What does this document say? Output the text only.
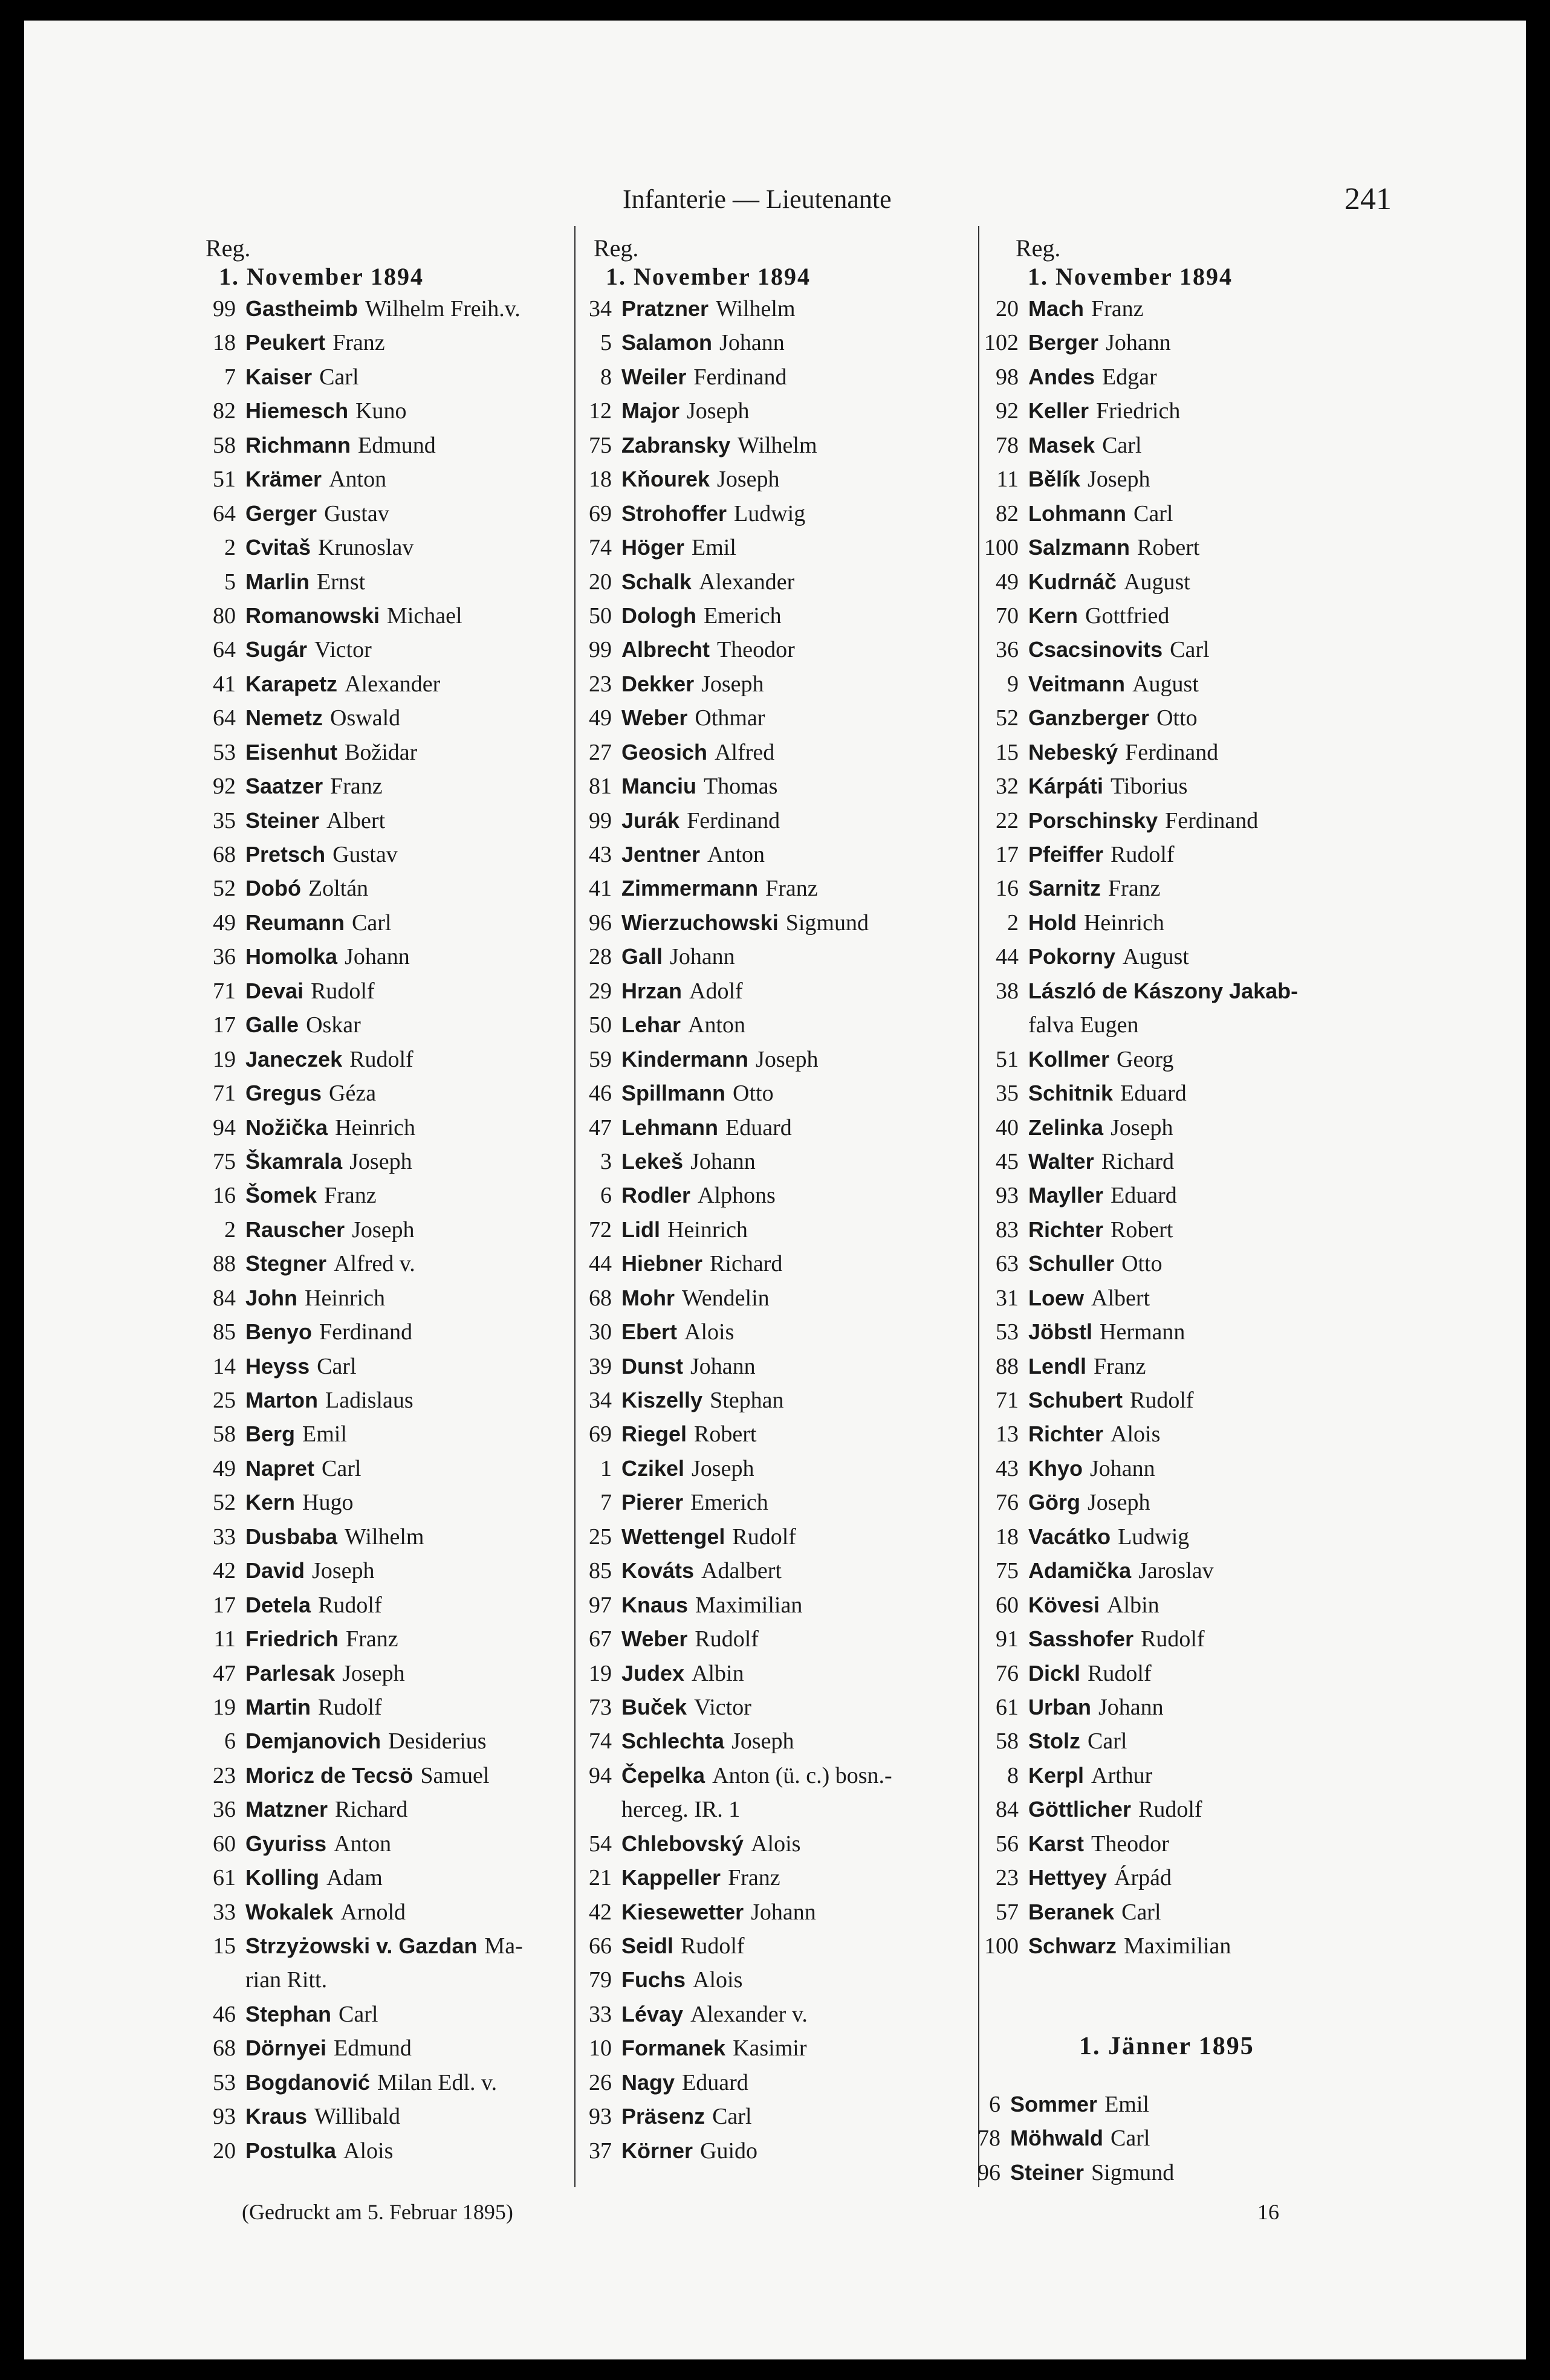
Infanterie — Lieutenante	241
Reg.
1. November 1894
99 Gastheimb Wilhelm Freih.v.
18 Peukert Franz
7 Kaiser Carl
82 Hiemesch Kuno
58 Richmann Edmund
51 Krämer Anton
64 Gerger Gustav
2 Cvitaš Krunoslav
5 Marlin Ernst
80 Romanowski Michael
64 Sugár Victor
41 Karapetz Alexander
64 Nemetz Oswald
53 Eisenhut Božidar
92 Saatzer Franz
35 Steiner Albert
68 Pretsch Gustav
52 Dobó Zoltán
49 Reumann Carl
36 Homolka Johann
71 Devai Rudolf
17 Galle Oskar
19 Janeczek Rudolf
71 Gregus Géza
94 Nožička Heinrich
75 Škamrala Joseph
16 Šomek Franz
2 Rauscher Joseph
88 Stegner Alfred v.
84 John Heinrich
85 Benyo Ferdinand
14 Heyss Carl
25 Marton Ladislaus
58 Berg Emil
49 Napret Carl
52 Kern Hugo
33 Dusbaba Wilhelm
42 David Joseph
17 Detela Rudolf
11 Friedrich Franz
47 Parlesak Joseph
19 Martin Rudolf
6 Demjanovich Desiderius
23 Moricz de Tecsö Samuel
36 Matzner Richard
60 Gyuriss Anton
61 Kolling Adam
33 Wokalek Arnold
15 Strzyżowski v. Gazdan Ma-
rian Ritt.
46 Stephan Carl
68 Dörnyei Edmund
53 Bogdanović Milan Edl. v.
93 Kraus Willibald
20 Postulka Alois
Reg.
1. November 1894
34 Pratzner Wilhelm
5 Salamon Johann
8 Weiler Ferdinand
12 Major Joseph
75 Zabransky Wilhelm
18 Kňourek Joseph
69 Strohoffer Ludwig
74 Höger Emil
20 Schalk Alexander
50 Dologh Emerich
99 Albrecht Theodor
23 Dekker Joseph
49 Weber Othmar
27 Geosich Alfred
81 Manciu Thomas
99 Jurák Ferdinand
43 Jentner Anton
41 Zimmermann Franz
96 Wierzuchowski Sigmund
28 Gall Johann
29 Hrzan Adolf
50 Lehar Anton
59 Kindermann Joseph
46 Spillmann Otto
47 Lehmann Eduard
3 Lekeš Johann
6 Rodler Alphons
72 Lidl Heinrich
44 Hiebner Richard
68 Mohr Wendelin
30 Ebert Alois
39 Dunst Johann
34 Kiszelly Stephan
69 Riegel Robert
1 Czikel Joseph
7 Pierer Emerich
25 Wettengel Rudolf
85 Kováts Adalbert
97 Knaus Maximilian
67 Weber Rudolf
19 Judex Albin
73 Buček Victor
74 Schlechta Joseph
94 Čepelka Anton (ü. c.) bosn.-
herceg. IR. 1
54 Chlebovský Alois
21 Kappeller Franz
42 Kiesewetter Johann
66 Seidl Rudolf
79 Fuchs Alois
33 Lévay Alexander v.
10 Formanek Kasimir
26 Nagy Eduard
93 Präsenz Carl
37 Körner Guido
Reg.
1. November 1894
20 Mach Franz
102 Berger Johann
98 Andes Edgar
92 Keller Friedrich
78 Masek Carl
11 Bělík Joseph
82 Lohmann Carl
100 Salzmann Robert
49 Kudrnáč August
70 Kern Gottfried
36 Csacsinovits Carl
9 Veitmann August
52 Ganzberger Otto
15 Nebeský Ferdinand
32 Kárpáti Tiborius
22 Porschinsky Ferdinand
17 Pfeiffer Rudolf
16 Sarnitz Franz
2 Hold Heinrich
44 Pokorny August
38 László de Kászony Jakab-
falva Eugen
51 Kollmer Georg
35 Schitnik Eduard
40 Zelinka Joseph
45 Walter Richard
93 Mayller Eduard
83 Richter Robert
63 Schuller Otto
31 Loew Albert
53 Jöbstl Hermann
88 Lendl Franz
71 Schubert Rudolf
13 Richter Alois
43 Khyo Johann
76 Görg Joseph
18 Vacátko Ludwig
75 Adamička Jaroslav
60 Kövesi Albin
91 Sasshofer Rudolf
76 Dickl Rudolf
61 Urban Johann
58 Stolz Carl
8 Kerpl Arthur
84 Göttlicher Rudolf
56 Karst Theodor
23 Hettyey Árpád
57 Beranek Carl
100 Schwarz Maximilian
1. Jänner 1895
6 Sommer Emil
78 Möhwald Carl
96 Steiner Sigmund
(Gedruckt am 5. Februar 1895)	16
